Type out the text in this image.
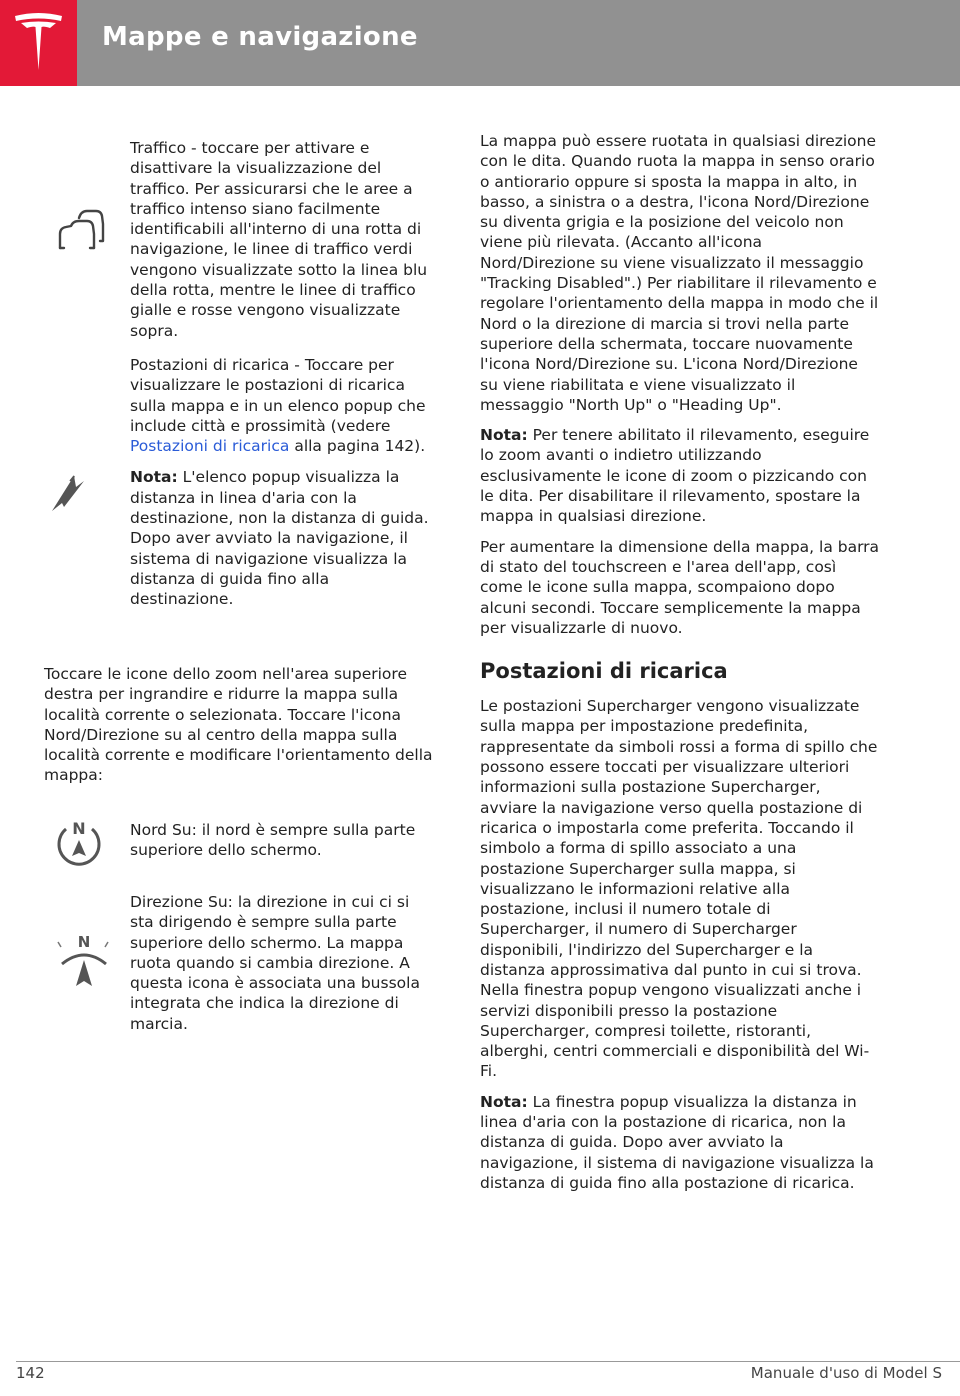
Mappe e navigazione

Traffico - toccare per attivare e disattivare la visualizzazione del traffico. Per assicurarsi che le aree a traffico intenso siano facilmente identificabili all'interno di una rotta di navigazione, le linee di traffico verdi vengono visualizzate sotto la linea blu della rotta, mentre le linee di traffico gialle e rosse vengono visualizzate sopra.

Postazioni di ricarica - Toccare per visualizzare le postazioni di ricarica sulla mappa e in un elenco popup che include città e prossimità (vedere Postazioni di ricarica alla pagina 142).

Nota: L'elenco popup visualizza la distanza in linea d'aria con la destinazione, non la distanza di guida. Dopo aver avviato la navigazione, il sistema di navigazione visualizza la distanza di guida fino alla destinazione.

Toccare le icone dello zoom nell'area superiore destra per ingrandire e ridurre la mappa sulla località corrente o selezionata. Toccare l'icona Nord/Direzione su al centro della mappa sulla località corrente e modificare l'orientamento della mappa:

N	Nord Su: il nord è sempre sulla parte superiore dello schermo.

N

Direzione Su: la direzione in cui ci si sta dirigendo è sempre sulla parte superiore dello schermo. La mappa ruota quando si cambia direzione. A questa icona è associata una bussola integrata che indica la direzione di marcia.

La mappa può essere ruotata in qualsiasi direzione con le dita. Quando ruota la mappa in senso orario o antiorario oppure si sposta la mappa in alto, in basso, a sinistra o a destra, l'icona Nord/Direzione su diventa grigia e la posizione del veicolo non viene più rilevata. (Accanto all'icona Nord/Direzione su viene visualizzato il messaggio "Tracking Disabled".) Per riabilitare il rilevamento e regolare l'orientamento della mappa in modo che il Nord o la direzione di marcia si trovi nella parte superiore della schermata, toccare nuovamente l'icona Nord/Direzione su. L'icona Nord/Direzione su viene riabilitata e viene visualizzato il messaggio "North Up" o "Heading Up".

Nota: Per tenere abilitato il rilevamento, eseguire lo zoom avanti o indietro utilizzando esclusivamente le icone di zoom o pizzicando con le dita. Per disabilitare il rilevamento, spostare la mappa in qualsiasi direzione.

Per aumentare la dimensione della mappa, la barra di stato del touchscreen e l'area dell'app, così come le icone sulla mappa, scompaiono dopo alcuni secondi. Toccare semplicemente la mappa per visualizzarle di nuovo.

Postazioni di ricarica

Le postazioni Supercharger vengono visualizzate sulla mappa per impostazione predefinita, rappresentate da simboli rossi a forma di spillo che possono essere toccati per visualizzare ulteriori informazioni sulla postazione Supercharger, avviare la navigazione verso quella postazione di ricarica o impostarla come preferita. Toccando il simbolo a forma di spillo associato a una postazione Supercharger sulla mappa, si visualizzano le informazioni relative alla postazione, inclusi il numero totale di Supercharger, il numero di Supercharger disponibili, l'indirizzo del Supercharger e la distanza approssimativa dal punto in cui si trova. Nella finestra popup vengono visualizzati anche i servizi disponibili presso la postazione Supercharger, compresi toilette, ristoranti, alberghi, centri commerciali e disponibilità del Wi-Fi.

Nota: La finestra popup visualizza la distanza in linea d'aria con la postazione di ricarica, non la distanza di guida. Dopo aver avviato la navigazione, il sistema di navigazione visualizza la distanza di guida fino alla postazione di ricarica.

142	Manuale d'uso di Model S
